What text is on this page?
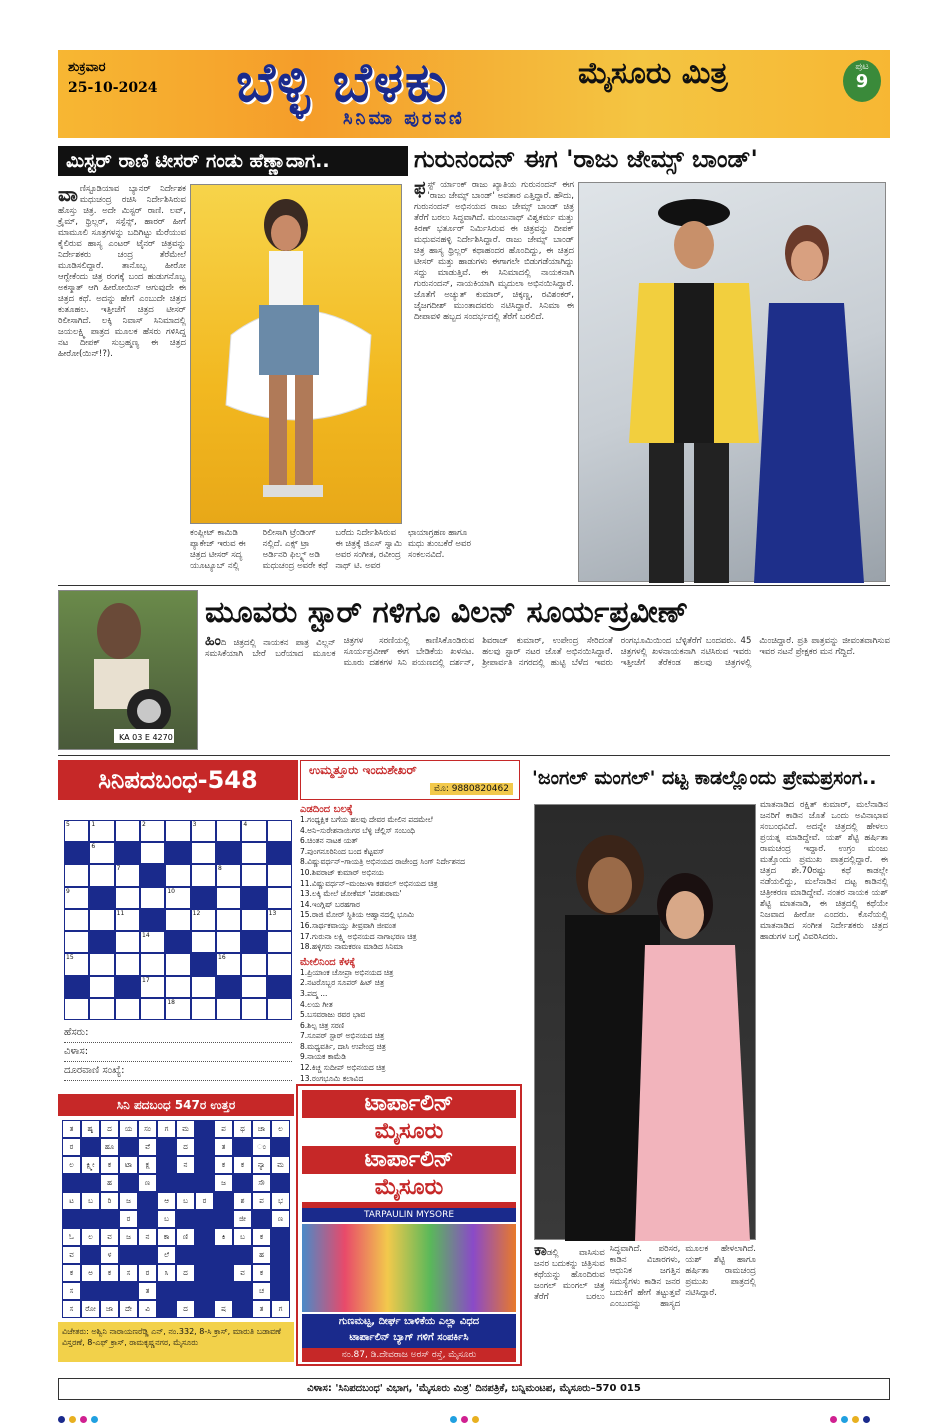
ಶುಕ್ರವಾರ
25-10-2024 ಬೆಳ್ಳಿ ಬೆಳಕು
ಸಿನಿಮಾ ಪುರವಣಿ
ಮೈಸೂರು ಮಿತ್ರ	ಪುಟ
9
ಮಿಸ್ಟರ್ ರಾಣಿ ಟೀಸರ್ ಗಂಡು ಹೆಣ್ಣಾದಾಗ..
ವಾಣಿಸ್ಟೂಡಿಯಾವ ಬ್ಯಾನರ್ ನಿರ್ದೇಶಕ ಮಧುಚಂದ್ರ ರಚಿಸಿ ನಿರ್ದೇಶಿಸಿರುವ ಹೊಸ್ತು ಚಿತ್ರ. ಅದೇ ಮಿಸ್ಟರ್ ರಾಣಿ. ಲವ್, ಕ್ರೈಮ್, ಥ್ರಿಲ್ಲರ್, ಸಸ್ಪೆನ್ಸ್, ಹಾರರ್ ಹೀಗೆ ಮಾಮೂಲಿ ಸೂತ್ರಗಳನ್ನು ಬದಿಗಿಟ್ಟು ಮೆರೆಯುವ ಕೈಲಿರುವ ಹಾಸ್ಯ ಎಂಟರ್ ಟೈನರ್ ಚಿತ್ರವನ್ನು ನಿರ್ದೇಶಕರು ಚಂದ್ರ ತೆರೆಮೇಲೆ ಮೂಡಿಸಲಿದ್ದಾರೆ. ತಾನೊಬ್ಬ ಹೀರೋ ಆಗ್ಬೇಕೆಂದು ಚಿತ್ರ ರಂಗಕ್ಕೆ ಬಂದ ಹುಡುಗನೊಬ್ಬ ಅಕಸ್ಮಾತ್ ಆಗಿ ಹೀರೋಯಿನ್ ಆಗುವುದೇ ಈ ಚಿತ್ರದ ಕಥೆ. ಅದನ್ನು ಹೇಗೆ ಎಂಬುದೇ ಚಿತ್ರದ ಕುತೂಹಲ. ಇತ್ತೀಚೆಗೆ ಚಿತ್ರದ ಟೀಸರ್ ರಿಲೀಸಾಗಿದೆ. ಲಕ್ಕಿ ನಿವಾಸ್ ಸಿನಿಮಾದಲ್ಲಿ ಜಯಲಕ್ಷ್ಮಿ ಪಾತ್ರದ ಮೂಲಕ ಹೆಸರು ಗಳಿಸಿದ್ದ ನಟ ದೀಪಕ್ ಸುಬ್ರಹ್ಮಣ್ಯ ಈ ಚಿತ್ರದ ಹೀರೋ(ಯಿನ್!?).
ಕಂಪ್ಲೀಟ್ ಕಾಮಿಡಿ ಪ್ಯಾಕೇಜ್ ಇರುವ ಈ ಚಿತ್ರದ ಟೀಸರ್ ಸದ್ಯ ಯೂಟ್ಯೂಬ್ ನಲ್ಲಿ ರಿಲೀಸಾಗಿ ಟ್ರೆಂಡಿಂಗ್ ನಲ್ಲಿದೆ. ಎಕ್ಸ್ ಟ್ರಾ ಅರ್ಡಿನರಿ ಫಿಲ್ಮ್ಸ್ ಅಡಿ ಮಧುಚಂದ್ರ ಅವರೇ ಕಥೆ ಬರೆದು ನಿರ್ದೇಶಿಸಿರುವ ಈ ಚಿತ್ರಕ್ಕೆ ಜಿಎಸ್ ಸ್ವಾಮಿ ಅವರ ಸಂಗೀತ, ರವೀಂದ್ರ ನಾಥ್ ಟಿ. ಅವರ ಛಾಯಾಗ್ರಹಣ ಹಾಗೂ ಮಧು ತುಂಬಕೆರೆ ಅವರ ಸಂಕಲನವಿದೆ.
ಗುರುನಂದನ್ ಈಗ 'ರಾಜು ಜೇಮ್ಸ್ ಬಾಂಡ್'
ಫಸ್ಟ್ ರ್ಯಾಂಕ್ ರಾಜು ಖ್ಯಾತಿಯ ಗುರುನಂದನ್ ಈಗ 'ರಾಜು ಜೇಮ್ಸ್ ಬಾಂಡ್' ಅವತಾರ ಎತ್ತಿದ್ದಾರೆ. ಹೌದು, ಗುರುನಂದನ್ ಅಭಿನಯದ ರಾಜು ಜೇಮ್ಸ್ ಬಾಂಡ್ ಚಿತ್ರ ತೆರೆಗೆ ಬರಲು ಸಿದ್ಧವಾಗಿದೆ. ಮಂಜುನಾಥ್ ವಿಶ್ವಕರ್ಮ ಮತ್ತು ಕಿರಣ್ ಭರ್ತೂರ್ ನಿರ್ಮಿಸಿರುವ ಈ ಚಿತ್ರವನ್ನು ದೀಪಕ್ ಮಧುವನಹಳ್ಳಿ ನಿರ್ದೇಶಿಸಿದ್ದಾರೆ. ರಾಜು ಜೇಮ್ಸ್ ಬಾಂಡ್ ಚಿತ್ರ ಹಾಸ್ಯ ಥ್ರಿಲ್ಲರ್ ಕಥಾಹಂದರ ಹೊಂದಿದ್ದು, ಈ ಚಿತ್ರದ ಟೀಸರ್ ಮತ್ತು ಹಾಡುಗಳು ಈಗಾಗಲೇ ಬಿಡುಗಡೆಯಾಗಿದ್ದು ಸದ್ದು ಮಾಡುತ್ತಿವೆ. ಈ ಸಿನಿಮಾದಲ್ಲಿ ನಾಯಕನಾಗಿ ಗುರುನಂದನ್, ನಾಯಕಿಯಾಗಿ ಮೃದುಲಾ ಅಭಿನಯಿಸಿದ್ದಾರೆ. ಜೊತೆಗೆ ಅಚ್ಯುತ್ ಕುಮಾರ್, ಚಿಕ್ಕಣ್ಣ, ರವಿಶಂಕರ್, ಜೈಜಗದೀಶ್ ಮುಂತಾದವರು ನಟಿಸಿದ್ದಾರೆ. ಸಿನಿಮಾ ಈ ದೀಪಾವಳಿ ಹಬ್ಬದ ಸಂದರ್ಭದಲ್ಲಿ ತೆರೆಗೆ ಬರಲಿದೆ.
KA 03 E 4270
ಮೂವರು ಸ್ಟಾರ್ ಗಳಿಗೂ ವಿಲನ್ ಸೂರ್ಯಪ್ರವೀಣ್
ಹಿಂದಿ ಚಿತ್ರದಲ್ಲಿ ನಾಯಕನ ಪಾತ್ರ ವಿಲ್ಲನ್ ಸಮಸಿಕೆಯಾಗಿ ಬೇರೆ ಬರೆಯಾದ ಮೂಲಕ ಚಿತ್ರಗಳ ಸರಣಿಯಲ್ಲಿ ಕಾಣಿಸಿಕೊಂಡಿರುವ ಸೂರ್ಯಪ್ರವೀಣ್ ಈಗ ಬೇಡಿಕೆಯ ಖಳನಟ. ಮೂರು ದಶಕಗಳ ಸಿನಿ ಪಯಣದಲ್ಲಿ ದರ್ಶನ್, ಶಿವರಾಜ್ ಕುಮಾರ್, ಉಪೇಂದ್ರ ಸೇರಿದಂತೆ ಹಲವು ಸ್ಟಾರ್ ನಟರ ಜೊತೆ ಅಭಿನಯಿಸಿದ್ದಾರೆ. ಶ್ರೀಪಾರ್ವತಿ ನಗರದಲ್ಲಿ ಹುಟ್ಟಿ ಬೆಳೆದ ಇವರು ರಂಗಭೂಮಿಯಿಂದ ಬೆಳ್ಳಿತೆರೆಗೆ ಬಂದವರು. 45 ಚಿತ್ರಗಳಲ್ಲಿ ಖಳನಾಯಕನಾಗಿ ನಟಿಸಿರುವ ಇವರು ಇತ್ತೀಚೆಗೆ ತೆರೆಕಂಡ ಹಲವು ಚಿತ್ರಗಳಲ್ಲಿ ಮಿಂಚಿದ್ದಾರೆ. ಪ್ರತಿ ಪಾತ್ರವನ್ನು ಜೀವಂತವಾಗಿಸುವ ಇವರ ನಟನೆ ಪ್ರೇಕ್ಷಕರ ಮನ ಗೆದ್ದಿದೆ.
ಸಿನಿಪದಬಂಧ-548	ಉಮ್ಮತ್ತೂರು ಇಂದುಶೇಖರ್
ಮೊ: 9880820462
5	1	2	3	4
6
7	8
9	10
11	12	13
14
15	16
17
18
ಎಡದಿಂದ ಬಲಕ್ಕೆ
1.ಗಂಧ್ಯಕ್ಷಿಕ ಬಗೆಯ ಹಲವು ದೇವರ ಮೇಲಿನ ಪದಮೇಲೆ
4.ಅನಿ–ಸುರೇಶನಾಯಿಗರ ಬೆಳ್ಳಿ ಚೆಲ್ಲಿಸ್ ಸಂಬಂಧಿ
6.ಚಿಂತನ ನಾಟಕ ಯತ್
7.ಪುಂಗನೂರಿನಿಂದ ಬಂದ ಕೆಟ್ಟವಸ್
8.ವಿಷ್ಣುವರ್ಧನ್–ಗಾಯತ್ರಿ ಅಭಿನಯದ ರಾಜೇಂದ್ರ ಸಿಂಗ್ ನಿರ್ದೇಶನದ
10.ಶಿವರಾಜ್ ಕುಮಾರ್ ಅಭಿನಯ
11.ವಿಷ್ಣುವರ್ಧನ್–ಮಂಜುಳಾ ಕಡವಲ್ ಅಭಿನಯದ ಚಿತ್ರ
13.ಲಕ್ಕಿ ಮೇಲೆ ಜೋಕೆಮ್ 'ಪರಶುರಾಮ'
14.ಇಂಗ್ಲಿಷ್ ಬರಹಗಾರ
15.ರಾಜಿ ಮೋರ್ ಸ್ಥಿತಿಯ ಆಹ್ವಾನದಲ್ಲಿ ಭೂಮಿ
16.ಸಾರ್ಥಕವಾಯ್ತು ತೀವ್ರವಾಗಿ ಜೀವಂತ
17.ಗುರುನಾ ಲಕ್ಷ್ಮಿ ಅಭಿನಯದ ನಾಗಾಭರಣ ಚಿತ್ರ
18.ಹಳ್ಳಿಗರು ನಾಮಕರಣ ಮಾಡಿದ ಸಿನಿಮಾ
ಮೇಲಿನಿಂದ ಕೆಳಕ್ಕೆ
1.ಪ್ರಿಯಾಂಕ ಚೋಪ್ರಾ ಅಭಿನಯದ ಚಿತ್ರ
2.ನಟರೊಬ್ಬರ ಸೂಪರ್ ಹಿಟ್ ಚಿತ್ರ
3.ಪದ್ಮ ...
4.ಲಯ ಗೀತ
5.ಬಸವರಾಜು ರವರ ಭಾವ
6.ಶಿಲ್ಪ ಚಿತ್ರ ಸರಣಿ
7.ಸೂಪರ್ ಸ್ಟಾರ್ ಅಭಿನಯದ ಚಿತ್ರ
8.ಮಧ್ಯವರ್ತಿ, ದಾಸಿ ಉಪೇಂದ್ರ ಚಿತ್ರ
9.ನಾಯಕ ಕಾಮೆಡಿ
12.ಕಿಚ್ಚ ಸುದೀಪ್ ಅಭಿನಯದ ಚಿತ್ರ
13.ರಂಗಭೂಮಿ ಕಲಾವಿದ
ಹೆಸರು:
ವಿಳಾಸ:
ದೂರವಾಣಿ ಸಂಖ್ಯೆ:
ಸಿನಿ ಪದಬಂಧ 547ರ ಉತ್ತರ
ತ	ಹೃ	ದ	ಯ	ಸಂ	ಗ	ಮ	ಪ	ಥ	ಚಾ	ಲ
ರ	ಹೂ	ವೆ	ದ	ತ	ಂ
ಲ	ಕ್ಷ್ಮೀ	ಕ	ಟಾ	ಕ್ಷ	ನ	ಕ	ಕ	ನ್ಯಾ	ಮ
ಹ	ಣ	ಜ	ಸೌ
ಟ	ಬ	ರಿ	ಜ	ಆ	ಬ	ರ	ಶ	ಪ	ಭ
ರ	ಬ	ಜೀ	ಣ
ಓ	ಲ	ವ	ಜ	ನ	ಕಾ	ಣಿ	ಕಿ	ಬ	ಕ
ವ	ಳ	ಲೆ	ಹ
ಕ	ಅ	ಕ	ಸ	ರ	ಸಿ	ದ	ವ	ಕ
ಸ	ತ	ಚ
ಸ	ರೋ	ಜಾ	ದೇ	ವಿ	ದ	ಷ	ತ	ಗ
ವಿಜೇತರು: ಅಶ್ವಿನಿ ನಾರಾಯಣರೆಡ್ಡಿ ಎನ್, ನಂ.332, 8-ಸಿ ಕ್ರಾಸ್, ಮಾರುತಿ ಬಡಾವಣೆ ವಿಸ್ತರಣೆ, 8-ಎಫ್ ಕ್ರಾಸ್, ರಾಮಕೃಷ್ಣನಗರ, ಮೈಸೂರು
ಟಾರ್ಪಾಲಿನ್
ಮೈಸೂರು
ಟಾರ್ಪಾಲಿನ್
ಮೈಸೂರು
TARPAULIN MYSORE
ಗುಣಮಟ್ಟ, ದೀರ್ಘ ಬಾಳಿಕೆಯ ಎಲ್ಲಾ ವಿಧದ
ಟಾರ್ಪಾಲಿನ್ ಬ್ಯಾಗ್ ಗಳಿಗೆ ಸಂಪರ್ಕಿಸಿ
ನಂ.87, ಡಿ.ದೇವರಾಜ ಅರಸ್ ರಸ್ತೆ, ಮೈಸೂರು
'ಜಂಗಲ್ ಮಂಗಲ್' ದಟ್ಟ ಕಾಡಲ್ಲೊಂದು ಪ್ರೇಮಪ್ರಸಂಗ..
ಮಾತನಾಡಿದ ರಕ್ಷಿತ್ ಕುಮಾರ್, ಮಲೆನಾಡಿನ ಜನರಿಗೆ ಕಾಡಿನ ಜೊತೆ ಒಂದು ಅವಿನಾಭಾವ ಸಂಬಂಧವಿದೆ. ಅದನ್ನೇ ಚಿತ್ರದಲ್ಲಿ ಹೇಳಲು ಪ್ರಯತ್ನ ಮಾಡಿದ್ದೇವೆ. ಯಶ್ ಶೆಟ್ಟಿ ಹರ್ಷಿತಾ ರಾಮಚಂದ್ರ ಇದ್ದಾರೆ. ಉಗ್ರಂ ಮಂಜು ಮತ್ತೊಂದು ಪ್ರಮುಖ ಪಾತ್ರದಲ್ಲಿದ್ದಾರೆ. ಈ ಚಿತ್ರದ ಶೇ.70ರಷ್ಟು ಕಥೆ ಕಾಡಲ್ಲೇ ನಡೆಯಲಿದ್ದು, ಮಲೆನಾಡಿನ ದಟ್ಟ ಕಾಡಿನಲ್ಲಿ ಚಿತ್ರೀಕರಣ ಮಾಡಿದ್ದೇವೆ. ನಂತರ ನಾಯಕ ಯಶ್ ಶೆಟ್ಟಿ ಮಾತನಾಡಿ, ಈ ಚಿತ್ರದಲ್ಲಿ ಕಥೆಯೇ ನಿಜವಾದ ಹೀರೋ ಎಂದರು. ಕೊನೆಯಲ್ಲಿ ಮಾತನಾಡಿದ ಸಂಗೀತ ನಿರ್ದೇಶಕರು ಚಿತ್ರದ ಹಾಡುಗಳ ಬಗ್ಗೆ ವಿವರಿಸಿದರು.
ಕಾಡಲ್ಲಿ ವಾಸಿಸುವ ಜನರ ಬದುಕನ್ನು ಚಿತ್ರಿಸುವ ಕಥೆಯನ್ನು ಹೊಂದಿರುವ ಜಂಗಲ್ ಮಂಗಲ್ ಚಿತ್ರ ತೆರೆಗೆ ಬರಲು ಸಿದ್ಧವಾಗಿದೆ. ಪರಿಸರ, ಕಾಡಿನ ವಿಚಾರಗಳು, ಆಧುನಿಕ ಜಗತ್ತಿನ ಸಮಸ್ಯೆಗಳು ಕಾಡಿನ ಜನರ ಬದುಕಿಗೆ ಹೇಗೆ ತಟ್ಟುತ್ತವೆ ಎಂಬುದನ್ನು ಹಾಸ್ಯದ ಮೂಲಕ ಹೇಳಲಾಗಿದೆ. ಯಶ್ ಶೆಟ್ಟಿ ಹಾಗೂ ಹರ್ಷಿತಾ ರಾಮಚಂದ್ರ ಪ್ರಮುಖ ಪಾತ್ರದಲ್ಲಿ ನಟಿಸಿದ್ದಾರೆ.
ವಿಳಾಸ: 'ಸಿನಿಪದಬಂಧ' ವಿಭಾಗ, 'ಮೈಸೂರು ಮಿತ್ರ' ದಿನಪತ್ರಿಕೆ, ಬನ್ನಿಮಂಟಪ, ಮೈಸೂರು–570 015
